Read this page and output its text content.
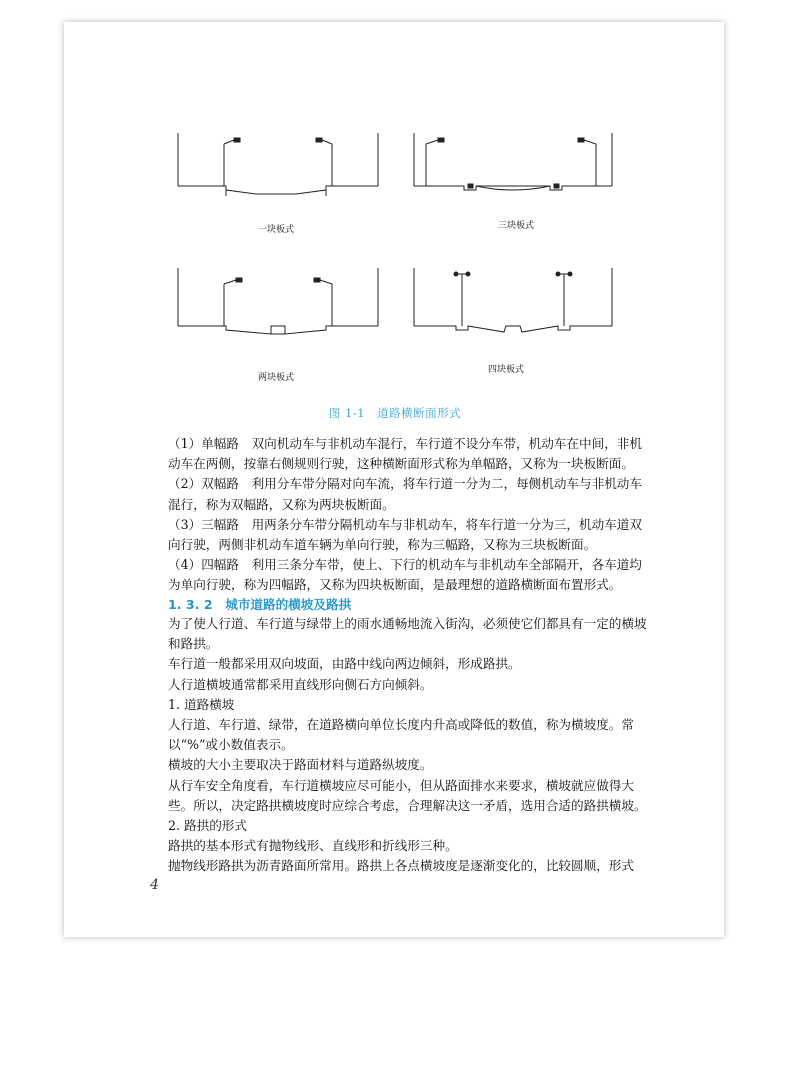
一块板式	三块板式
两块板式
四块板式
图 1-1　道路横断面形式

（1）单幅路　双向机动车与非机动车混行，车行道不设分车带，机动车在中间，非机动车在两侧，按靠右侧规则行驶，这种横断面形式称为单幅路，又称为一块板断面。

（2）双幅路　利用分车带分隔对向车流，将车行道一分为二，每侧机动车与非机动车混行，称为双幅路，又称为两块板断面。

（3）三幅路　用两条分车带分隔机动车与非机动车，将车行道一分为三，机动车道双向行驶，两侧非机动车道车辆为单向行驶，称为三幅路，又称为三块板断面。

（4）四幅路　利用三条分车带，使上、下行的机动车与非机动车全部隔开，各车道均为单向行驶，称为四幅路，又称为四块板断面，是最理想的道路横断面布置形式。

1. 3. 2　城市道路的横坡及路拱

为了使人行道、车行道与绿带上的雨水通畅地流入街沟，必须使它们都具有一定的横坡和路拱。

车行道一般都采用双向坡面，由路中线向两边倾斜，形成路拱。

人行道横坡通常都采用直线形向侧石方向倾斜。

1. 道路横坡

人行道、车行道、绿带，在道路横向单位长度内升高或降低的数值，称为横坡度。常以“%”或小数值表示。

横坡的大小主要取决于路面材料与道路纵坡度。

从行车安全角度看，车行道横坡应尽可能小，但从路面排水来要求，横坡就应做得大些。所以，决定路拱横坡度时应综合考虑，合理解决这一矛盾，选用合适的路拱横坡。

2. 路拱的形式

路拱的基本形式有抛物线形、直线形和折线形三种。

抛物线形路拱为沥青路面所常用。路拱上各点横坡度是逐渐变化的，比较圆顺，形式

4
